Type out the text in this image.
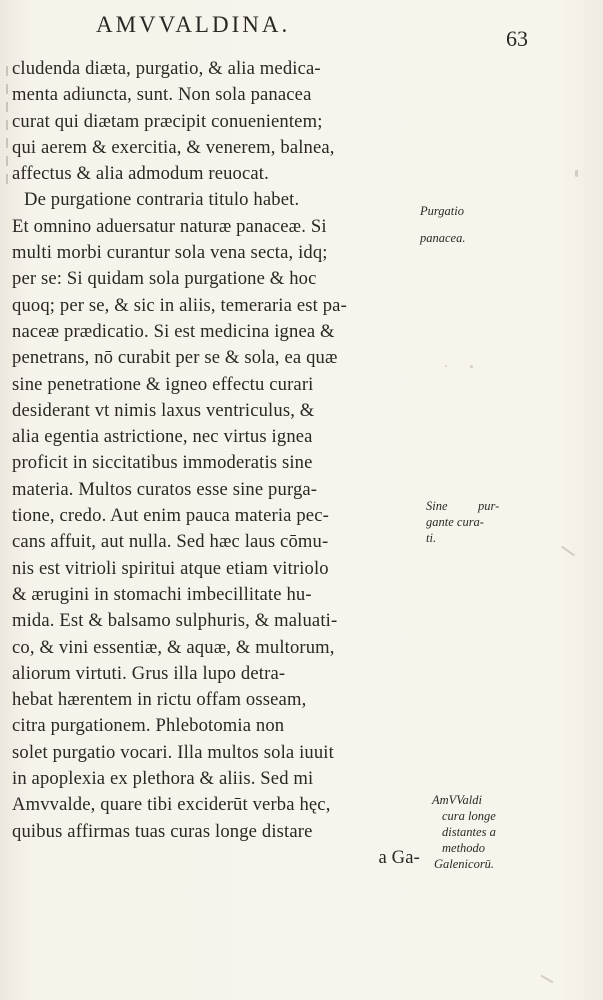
AMVVALDINA.
63
cludenda diæta, purgatio, & alia medica-
menta adiuncta, sunt. Non sola panacea
curat qui diætam præcipit conuenientem;
qui aerem & exercitia, & venerem, balnea,
affectus & alia admodum reuocat.
De purgatione contraria titulo habet.
Et omnino aduersatur naturæ panaceæ. Si
multi morbi curantur sola vena secta, idq;
per se: Si quidam sola purgatione & hoc
quoq; per se, & sic in aliis, temeraria est pa-
naceæ prædicatio. Si est medicina ignea &
penetrans, nō curabit per se & sola, ea quæ
sine penetratione & igneo effectu curari
desiderant vt nimis laxus ventriculus, &
alia egentia astrictione, nec virtus ignea
proficit in siccitatibus immoderatis sine
materia. Multos curatos esse sine purga-
tione, credo. Aut enim pauca materia pec-
cans affuit, aut nulla. Sed hæc laus cōmu-
nis est vitrioli spiritui atque etiam vitriolo
& ærugini in stomachi imbecillitate hu-
mida. Est & balsamo sulphuris, & maluati-
co, & vini essentiæ, & aquæ, & multorum,
aliorum virtuti. Grus illa lupo detra-
hebat hærentem in rictu offam osseam,
citra purgationem. Phlebotomia non
solet purgatio vocari. Illa multos sola iuuit
in apoplexia ex plethora & aliis. Sed mi
Amvvalde, quare tibi exciderūt verba hęc,
quibus affirmas tuas curas longe distare
a Ga-
Purgatio
panacea.
Sine	pur-
gante cura-
ti.
AmVValdi
cura longe
distantes a
methodo
Galenicorū.
